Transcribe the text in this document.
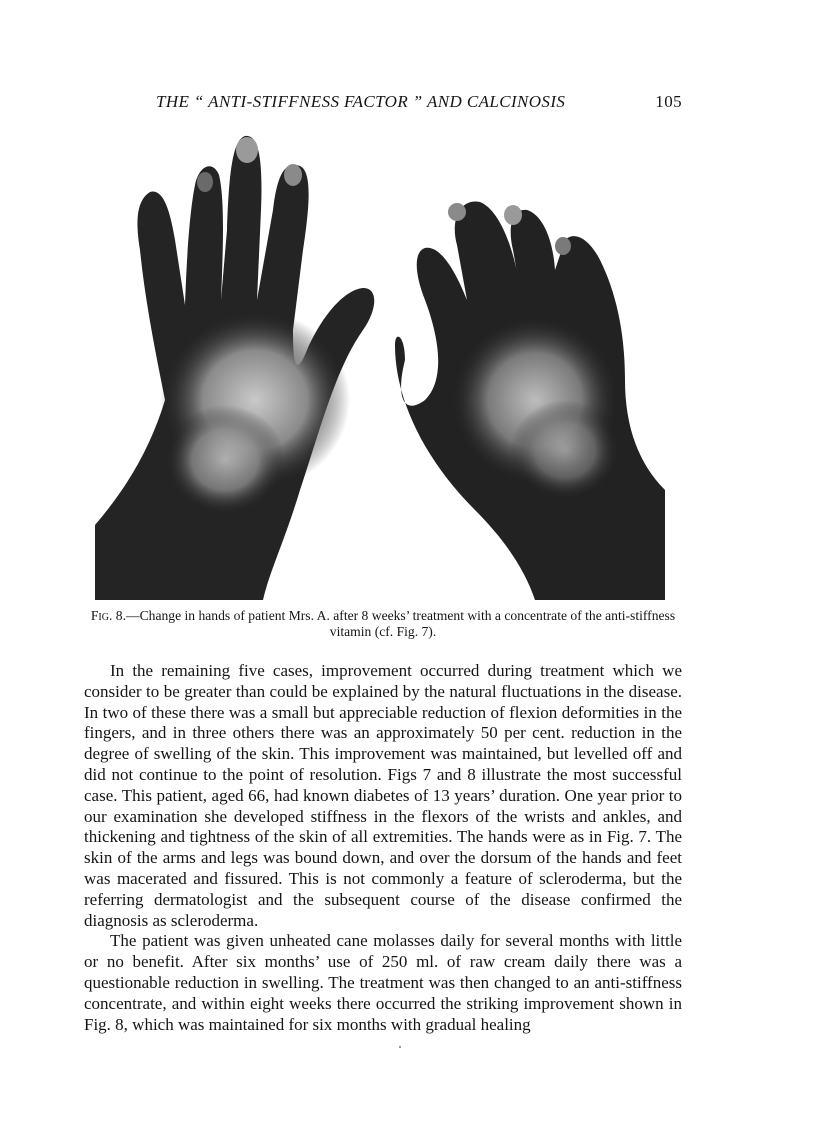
THE “ ANTI-STIFFNESS FACTOR ” AND CALCINOSIS	105
Fig. 8.—Change in hands of patient Mrs. A. after 8 weeks’ treatment with a concentrate of the anti-stiffness vitamin (cf. Fig. 7).

In the remaining five cases, improvement occurred during treatment which we consider to be greater than could be explained by the natural fluctuations in the disease. In two of these there was a small but appreciable reduction of flexion deformities in the fingers, and in three others there was an approximately 50 per cent. reduction in the degree of swelling of the skin. This improvement was maintained, but levelled off and did not continue to the point of resolution. Figs 7 and 8 illustrate the most successful case. This patient, aged 66, had known diabetes of 13 years’ duration. One year prior to our examination she developed stiffness in the flexors of the wrists and ankles, and thickening and tightness of the skin of all extremities. The hands were as in Fig. 7. The skin of the arms and legs was bound down, and over the dorsum of the hands and feet was macerated and fissured. This is not commonly a feature of scleroderma, but the referring dermatologist and the subsequent course of the disease confirmed the diagnosis as scleroderma.

The patient was given unheated cane molasses daily for several months with little or no benefit. After six months’ use of 250 ml. of raw cream daily there was a questionable reduction in swelling. The treatment was then changed to an anti-stiffness concentrate, and within eight weeks there occurred the striking improvement shown in Fig. 8, which was maintained for six months with gradual healing
